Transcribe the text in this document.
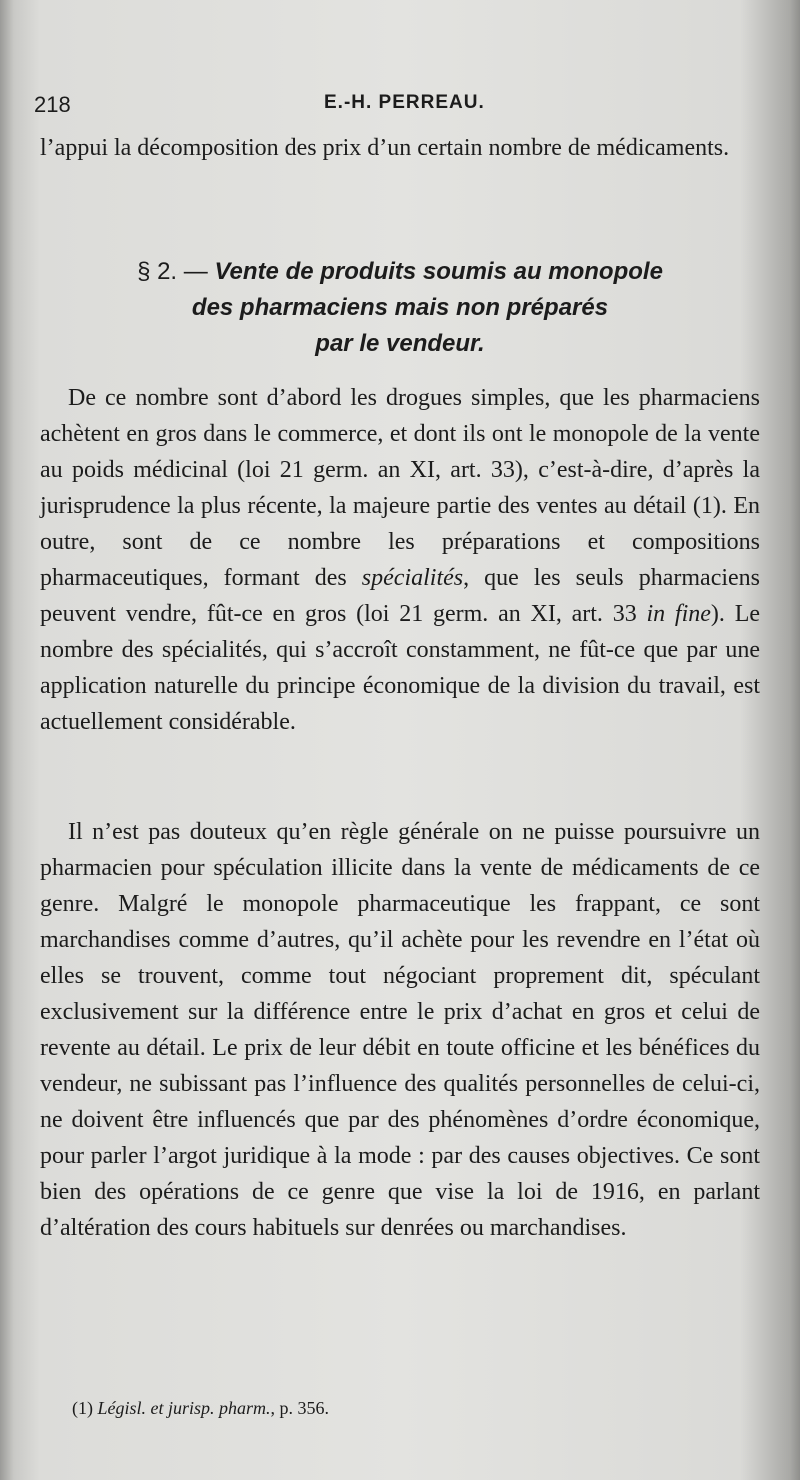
218	E.-H. PERREAU.

l’appui la décomposition des prix d’un certain nombre de médicaments.

§ 2. — Vente de produits soumis au monopole
des pharmaciens mais non préparés
par le vendeur.

De ce nombre sont d’abord les drogues simples, que les pharmaciens achètent en gros dans le commerce, et dont ils ont le monopole de la vente au poids médicinal (loi 21 germ. an XI, art. 33), c’est-à-dire, d’après la jurisprudence la plus récente, la majeure partie des ventes au détail (1). En outre, sont de ce nombre les préparations et compositions pharmaceutiques, formant des spécialités, que les seuls pharmaciens peuvent vendre, fût-ce en gros (loi 21 germ. an XI, art. 33 in fine). Le nombre des spécialités, qui s’accroît constamment, ne fût-ce que par une application naturelle du principe économique de la division du travail, est actuellement considérable.

Il n’est pas douteux qu’en règle générale on ne puisse poursuivre un pharmacien pour spéculation illicite dans la vente de médicaments de ce genre. Malgré le monopole pharmaceutique les frappant, ce sont marchandises comme d’autres, qu’il achète pour les revendre en l’état où elles se trouvent, comme tout négociant proprement dit, spéculant exclusivement sur la différence entre le prix d’achat en gros et celui de revente au détail. Le prix de leur débit en toute officine et les bénéfices du vendeur, ne subissant pas l’influence des qualités personnelles de celui-ci, ne doivent être influencés que par des phénomènes d’ordre économique, pour parler l’argot juridique à la mode : par des causes objectives. Ce sont bien des opérations de ce genre que vise la loi de 1916, en parlant d’altération des cours habituels sur denrées ou marchandises.

(1) Législ. et jurisp. pharm., p. 356.
